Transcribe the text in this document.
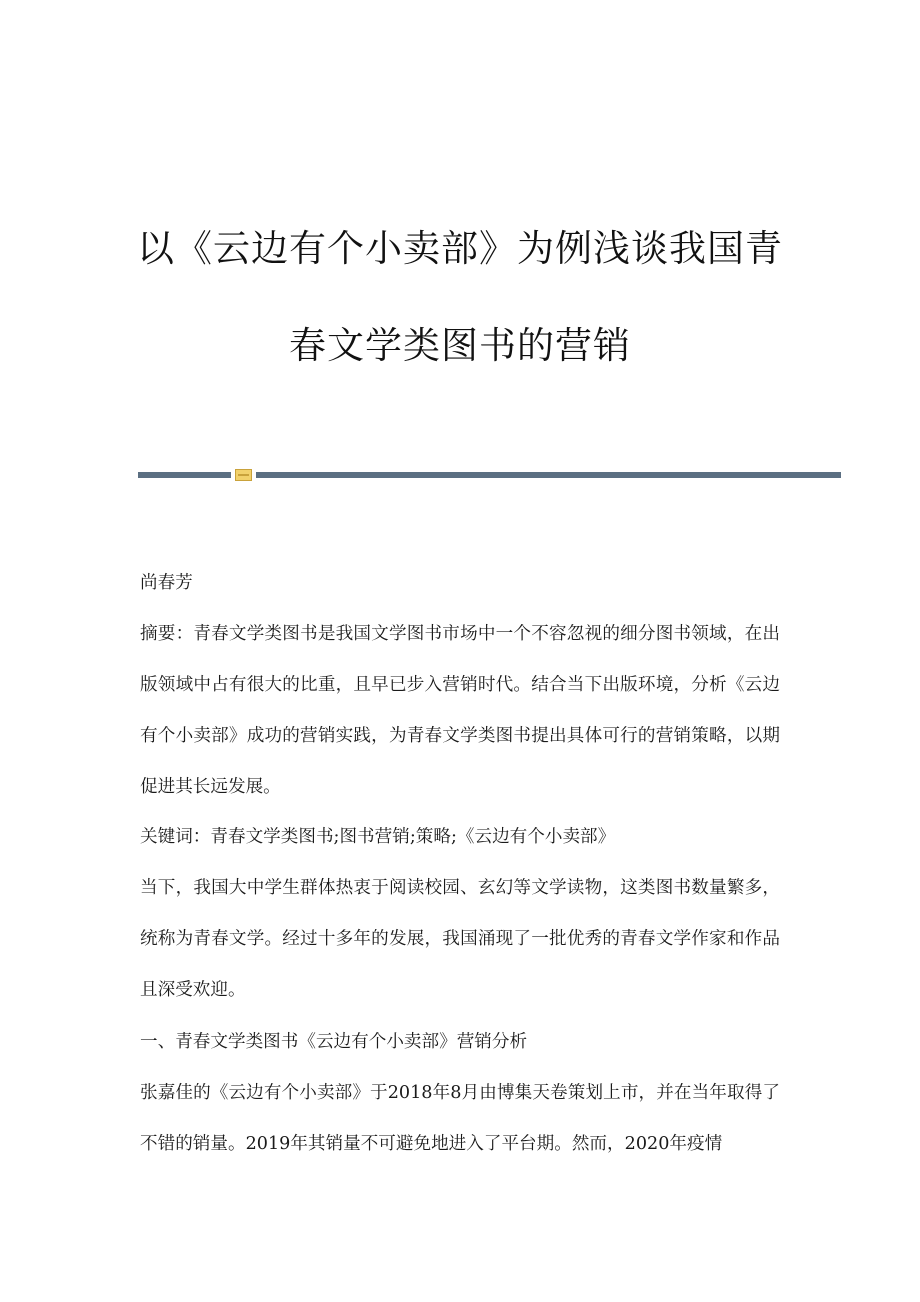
以《云边有个小卖部》为例浅谈我国青
春文学类图书的营销

尚春芳

摘要：青春文学类图书是我国文学图书市场中一个不容忽视的细分图书领域，在出版领域中占有很大的比重，且早已步入营销时代。结合当下出版环境，分析《云边有个小卖部》成功的营销实践，为青春文学类图书提出具体可行的营销策略，以期促进其长远发展。

关键词：青春文学类图书;图书营销;策略;《云边有个小卖部》

当下，我国大中学生群体热衷于阅读校园、玄幻等文学读物，这类图书数量繁多，统称为青春文学。经过十多年的发展，我国涌现了一批优秀的青春文学作家和作品且深受欢迎。

一、青春文学类图书《云边有个小卖部》营销分析

张嘉佳的《云边有个小卖部》于2018年8月由博集天卷策划上市，并在当年取得了不错的销量。2019年其销量不可避免地进入了平台期。然而，2020年疫情
